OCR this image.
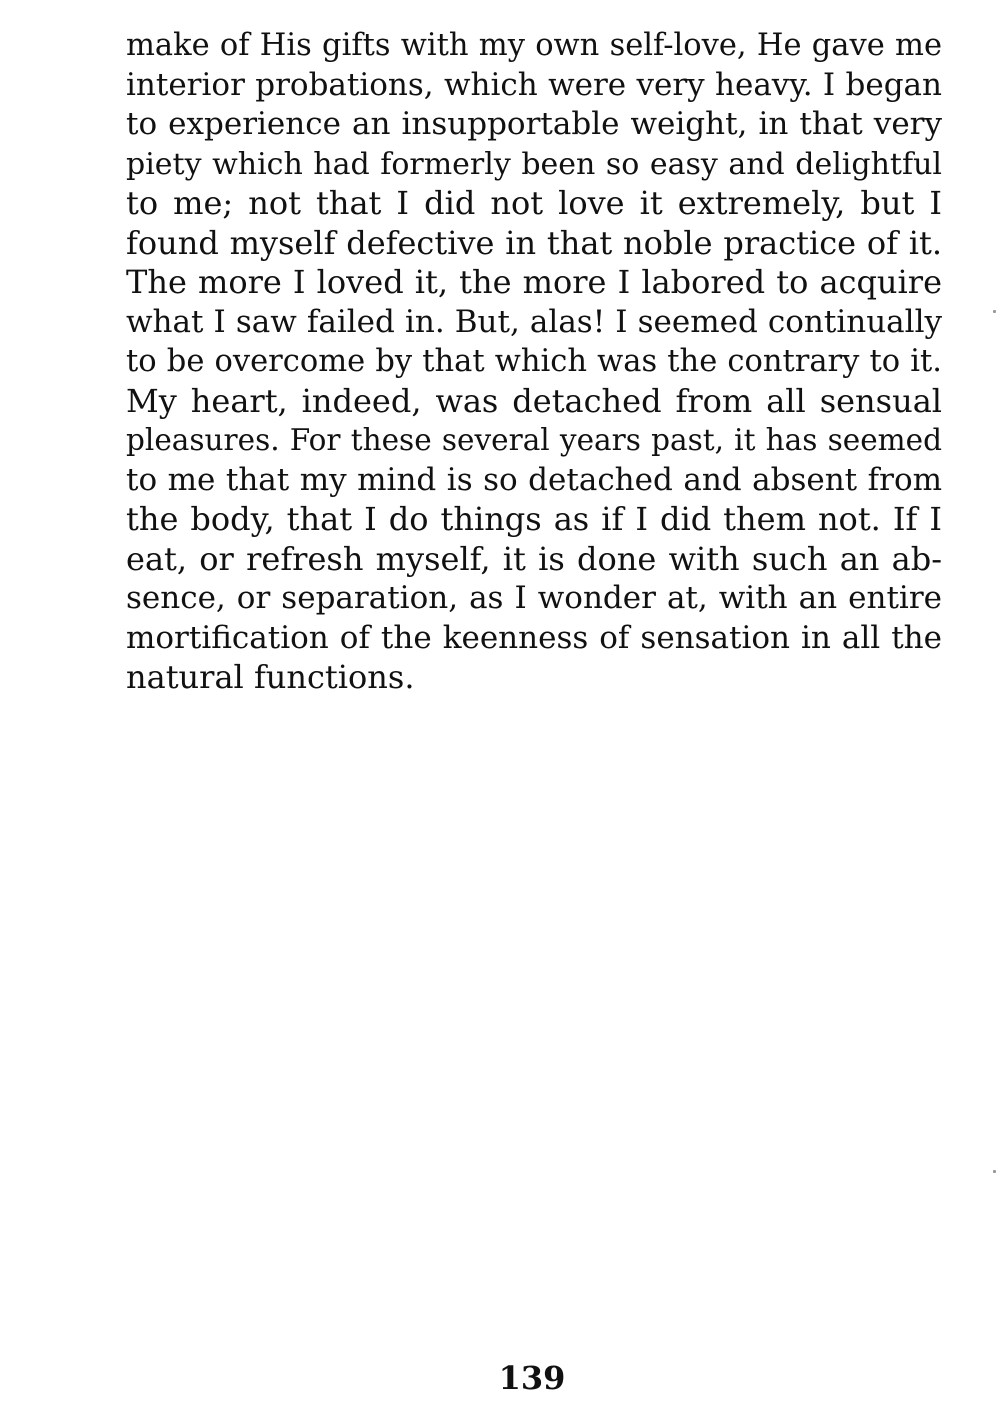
make of His gifts with my own self-love, He gave me
interior probations, which were very heavy. I began
to experience an insupportable weight, in that very
piety which had formerly been so easy and delightful
to me; not that I did not love it extremely, but I
found myself defective in that noble practice of it.
The more I loved it, the more I labored to acquire
what I saw failed in. But, alas! I seemed continually
to be overcome by that which was the contrary to it.
My heart, indeed, was detached from all sensual
pleasures. For these several years past, it has seemed
to me that my mind is so detached and absent from
the body, that I do things as if I did them not. If I
eat, or refresh myself, it is done with such an ab-
sence, or separation, as I wonder at, with an entire
mortification of the keenness of sensation in all the
natural functions.
139
